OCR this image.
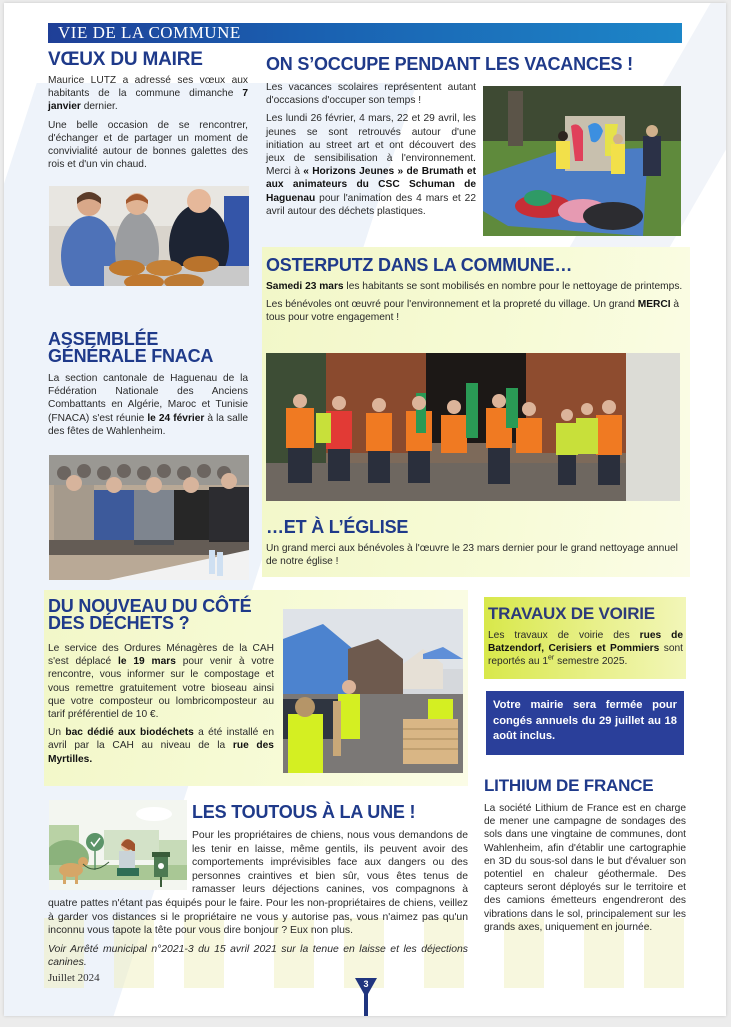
VIE DE LA COMMUNE
VŒUX DU MAIRE

Maurice LUTZ a adressé ses vœux aux habitants de la commune dimanche 7 janvier dernier.

Une belle occasion de se rencontrer, d'échanger et de partager un moment de convivialité autour de bonnes galettes des rois et d'un vin chaud.

ASSEMBLÉE
GÉNÉRALE FNACA

La section cantonale de Haguenau de la Fédération Nationale des Anciens Combattants en Algérie, Maroc et Tunisie (FNACA) s'est réunie le 24 février à la salle des fêtes de Wahlenheim.

ON S’OCCUPE PENDANT LES VACANCES !

Les vacances scolaires représentent autant d'occasions d'occuper son temps !

Les lundi 26 février, 4 mars, 22 et 29 avril, les jeunes se sont retrouvés autour d'une initiation au street art et ont découvert des jeux de sensibilisation à l'environnement. Merci à « Horizons Jeunes » de Brumath et aux animateurs du CSC Schuman de Haguenau pour l'animation des 4 mars et 22 avril autour des déchets plastiques.

OSTERPUTZ DANS LA COMMUNE…

Samedi 23 mars les habitants se sont mobilisés en nombre pour le nettoyage de printemps.

Les bénévoles ont œuvré pour l'environnement et la propreté du village. Un grand MERCI à tous pour votre engagement !

…ET À L’ÉGLISE

Un grand merci aux bénévoles à l'œuvre le 23 mars dernier pour le grand nettoyage annuel de notre église !

DU NOUVEAU DU CÔTÉ
DES DÉCHETS ?

Le service des Ordures Ménagères de la CAH s'est déplacé le 19 mars pour venir à votre rencontre, vous informer sur le compostage et vous remettre gratuitement votre bioseau ainsi que votre composteur ou lombricomposteur au tarif préférentiel de 10 €.

Un bac dédié aux biodéchets a été installé en avril par la CAH au niveau de la rue des Myrtilles.

TRAVAUX DE VOIRIE

Les travaux de voirie des rues de Batzendorf, Cerisiers et Pommiers sont reportés au 1er semestre 2025.

Votre mairie sera fermée pour congés annuels du 29 juillet au 18 août inclus.
LITHIUM DE FRANCE

La société Lithium de France est en charge de mener une campagne de sondages des sols dans une vingtaine de communes, dont Wahlenheim, afin d'établir une cartographie en 3D du sous-sol dans le but d'évaluer son potentiel en chaleur géothermale. Des capteurs seront déployés sur le territoire et des camions émetteurs engendreront des vibrations dans le sol, principalement sur les grands axes, uniquement en journée.

LES TOUTOUS À LA UNE !

Pour les propriétaires de chiens, nous vous demandons de les tenir en laisse, même gentils, ils peuvent avoir des comportements imprévisibles face aux dangers ou des personnes craintives et bien sûr, vous êtes tenus de ramasser leurs déjections canines, vos compagnons à quatre pattes n'étant pas équipés pour le faire. Pour les non-propriétaires de chiens, veillez à garder vos distances si le propriétaire ne vous y autorise pas, vous n'aimez pas qu'un inconnu vous tapote la tête pour vous dire bonjour ? Eux non plus.

Voir Arrêté municipal n°2021-3 du 15 avril 2021 sur la tenue en laisse et les déjections canines.

Juillet 2024
3
